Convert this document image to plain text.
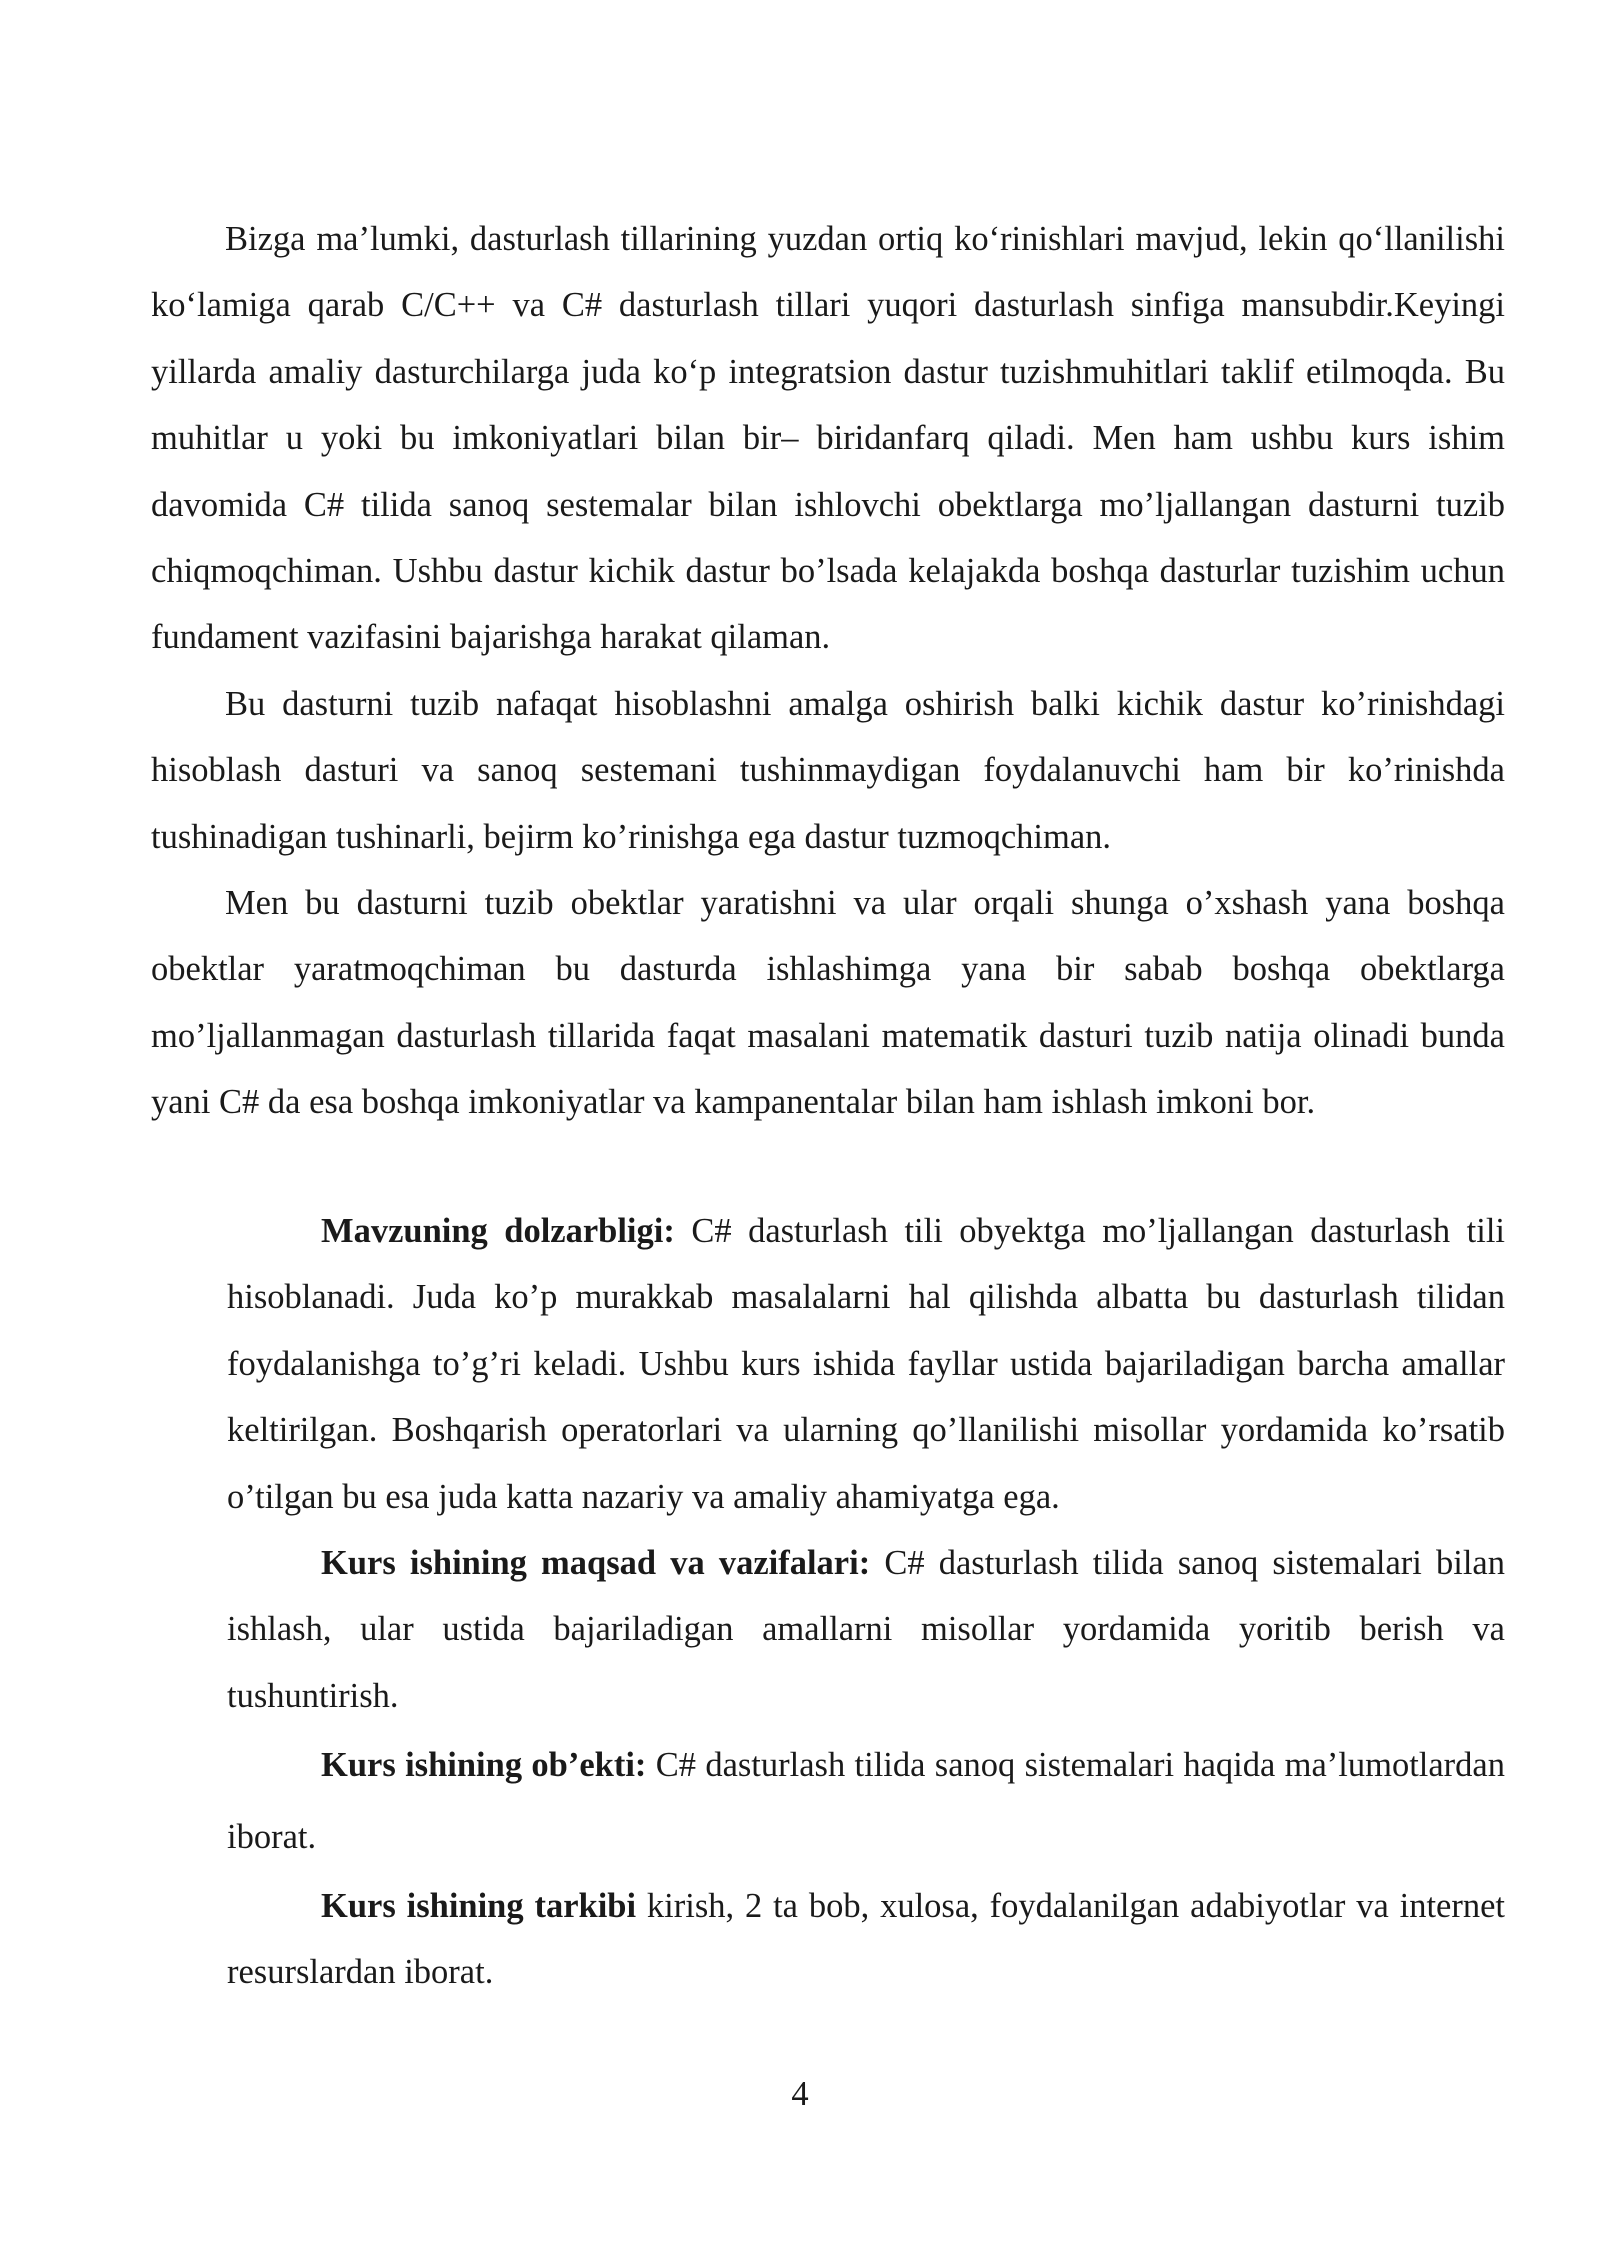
Bizga ma’lumki, dasturlash tillarining yuzdan ortiq ko‘rinishlari mavjud, lekin qo‘llanilishi ko‘lamiga qarab C/C++ va C# dasturlash tillari yuqori dasturlash sinfiga mansubdir.Keyingi yillarda amaliy dasturchilarga juda ko‘p integratsion dastur tuzishmuhitlari taklif etilmoqda. Bu muhitlar u yoki bu imkoniyatlari bilan bir– biridanfarq qiladi. Men ham ushbu kurs ishim davomida C# tilida sanoq sestemalar bilan ishlovchi obektlarga mo’ljallangan dasturni tuzib chiqmoqchiman. Ushbu dastur kichik dastur bo’lsada kelajakda boshqa dasturlar tuzishim uchun fundament vazifasini bajarishga harakat qilaman.

Bu dasturni tuzib nafaqat hisoblashni amalga oshirish balki kichik dastur ko’rinishdagi hisoblash dasturi va sanoq sestemani tushinmaydigan foydalanuvchi ham bir ko’rinishda tushinadigan tushinarli, bejirm ko’rinishga ega dastur tuzmoqchiman.

Men bu dasturni tuzib obektlar yaratishni va ular orqali shunga o’xshash yana boshqa obektlar yaratmoqchiman bu dasturda ishlashimga yana bir sabab boshqa obektlarga mo’ljallanmagan dasturlash tillarida faqat masalani matematik dasturi tuzib natija olinadi bunda yani C# da esa boshqa imkoniyatlar va kampanentalar bilan ham ishlash imkoni bor.

Mavzuning dolzarbligi: C# dasturlash tili obyektga mo’ljallangan dasturlash tili hisoblanadi. Juda ko’p murakkab masalalarni hal qilishda albatta bu dasturlash tilidan foydalanishga to’g’ri keladi. Ushbu kurs ishida fayllar ustida bajariladigan barcha amallar keltirilgan. Boshqarish operatorlari va ularning qo’llanilishi misollar yordamida ko’rsatib o’tilgan bu esa juda katta nazariy va amaliy ahamiyatga ega.

Kurs ishining maqsad va vazifalari: C# dasturlash tilida sanoq sistemalari bilan ishlash, ular ustida bajariladigan amallarni misollar yordamida yoritib berish va tushuntirish.

Kurs ishining ob’ekti: C# dasturlash tilida sanoq sistemalari haqida ma’lumotlardan iborat.

Kurs ishining tarkibi kirish, 2 ta bob, xulosa, foydalanilgan adabiyotlar va internet resurslardan iborat.

4
